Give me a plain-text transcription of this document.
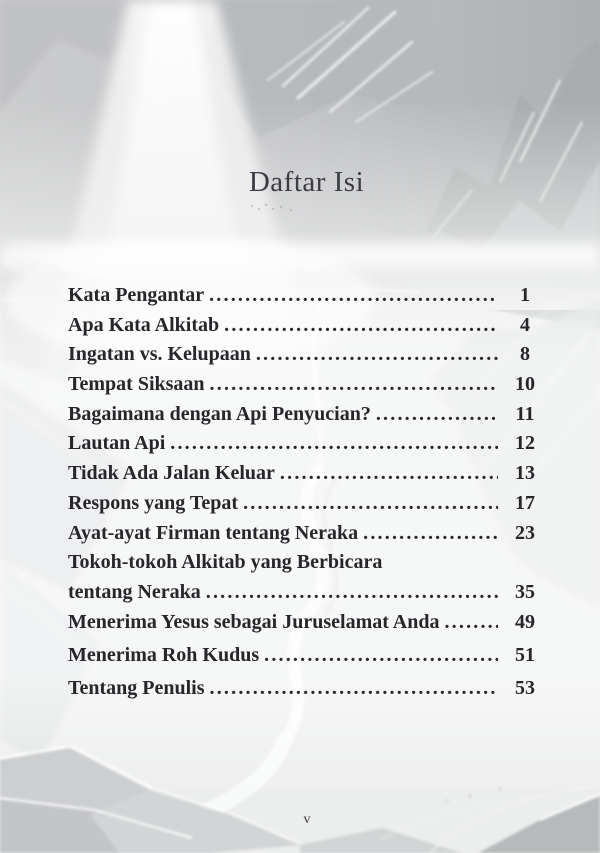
Daftar Isi
Kata Pengantar .....	1
Apa Kata Alkitab .....	4
Ingatan vs. Kelupaan .....	8
Tempat Siksaan .....	10
Bagaimana dengan Api Penyucian? .....	11
Lautan Api .....	12
Tidak Ada Jalan Keluar .....	13
Respons yang Tepat .....	17
Ayat-ayat Firman tentang Neraka .....	23
Tokoh-tokoh Alkitab yang Berbicara
tentang Neraka .....	35
Menerima Yesus sebagai Juruselamat Anda .....	49
Menerima Roh Kudus .....	51
Tentang Penulis .....	53
v
